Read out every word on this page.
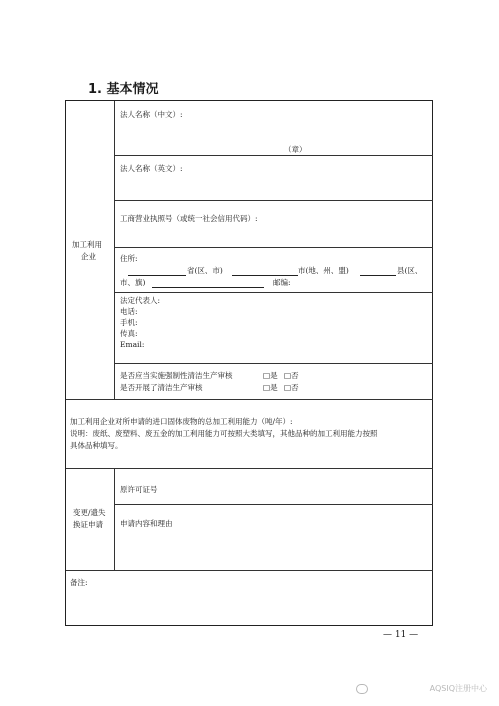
1. 基本情况
加工利用
企业
法人名称（中文）:
（章）
法人名称（英文）:
工商营业执照号（或统一社会信用代码）:
住所:
省(区、市)	市(地、州、盟)	县(区、
市、旗)	邮编:
法定代表人:
电话:
手机:
传真:
Email:
是否应当实施强制性清洁生产审核	□是 □否
是否开展了清洁生产审核	□是 □否
加工利用企业对所申请的进口固体废物的总加工利用能力（吨/年）:
说明：废纸、废塑料、废五金的加工利用能力可按照大类填写，其他品种的加工利用能力按照
具体品种填写。
变更/遗失
换证申请
原许可证号
申请内容和理由
备注:
— 11 —
AQSIQ注册中心
